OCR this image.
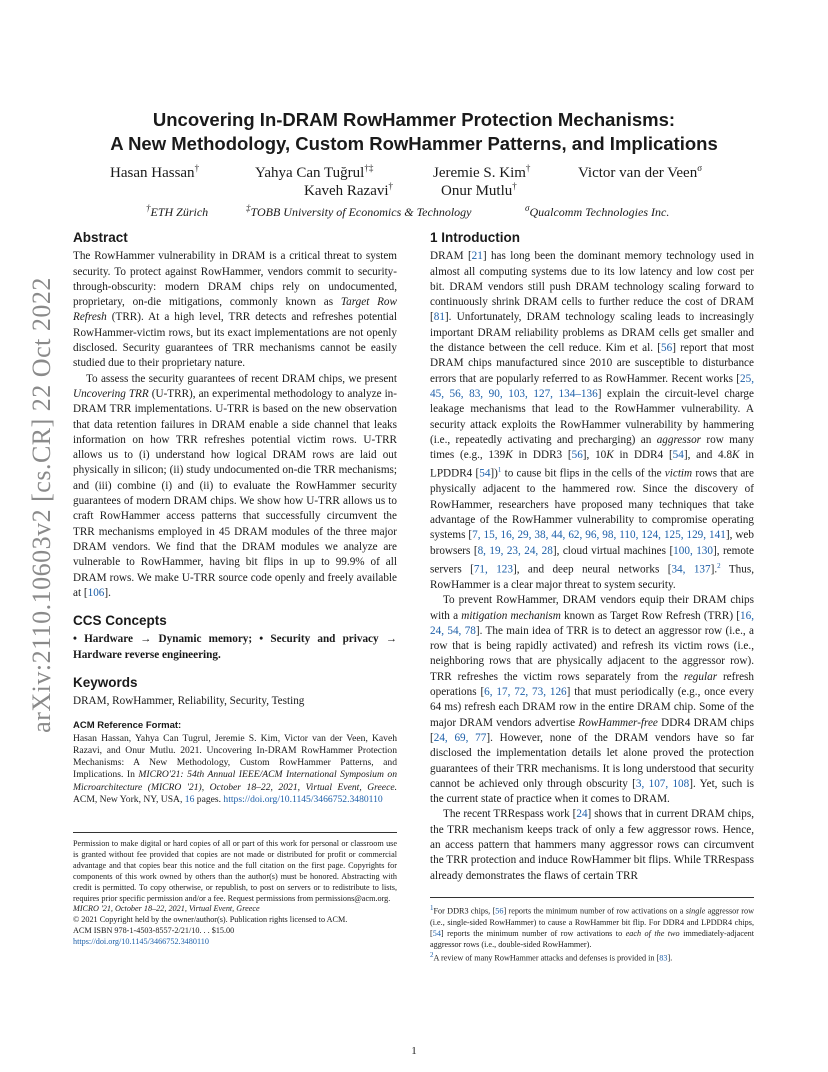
arXiv:2110.10603v2 [cs.CR] 22 Oct 2022
Uncovering In-DRAM RowHammer Protection Mechanisms:
A New Methodology, Custom RowHammer Patterns, and Implications
Hasan Hassan†	Yahya Can Tuğrul†‡	Jeremie S. Kim†	Victor van der Veen$^\sigma$
Kaveh Razavi†	Onur Mutlu†
†ETH Zürich	‡TOBB University of Economics & Technology	$^\sigma$Qualcomm Technologies Inc.
Abstract

The RowHammer vulnerability in DRAM is a critical threat to system security. To protect against RowHammer, vendors commit to security-through-obscurity: modern DRAM chips rely on undocumented, proprietary, on-die mitigations, commonly known as Target Row Refresh (TRR). At a high level, TRR detects and refreshes potential RowHammer-victim rows, but its exact implementations are not openly disclosed. Security guarantees of TRR mechanisms cannot be easily studied due to their proprietary nature.

To assess the security guarantees of recent DRAM chips, we present Uncovering TRR (U-TRR), an experimental methodology to analyze in-DRAM TRR implementations. U-TRR is based on the new observation that data retention failures in DRAM enable a side channel that leaks information on how TRR refreshes potential victim rows. U-TRR allows us to (i) understand how logical DRAM rows are laid out physically in silicon; (ii) study undocumented on-die TRR mechanisms; and (iii) combine (i) and (ii) to evaluate the RowHammer security guarantees of modern DRAM chips. We show how U-TRR allows us to craft RowHammer access patterns that successfully circumvent the TRR mechanisms employed in 45 DRAM modules of the three major DRAM vendors. We find that the DRAM modules we analyze are vulnerable to RowHammer, having bit flips in up to 99.9% of all DRAM rows. We make U-TRR source code openly and freely available at [106].

CCS Concepts

• Hardware → Dynamic memory; • Security and privacy → Hardware reverse engineering.

Keywords

DRAM, RowHammer, Reliability, Security, Testing

ACM Reference Format:

Hasan Hassan, Yahya Can Tugrul, Jeremie S. Kim, Victor van der Veen, Kaveh Razavi, and Onur Mutlu. 2021. Uncovering In-DRAM RowHammer Protection Mechanisms: A New Methodology, Custom RowHammer Patterns, and Implications. In MICRO'21: 54th Annual IEEE/ACM International Symposium on Microarchitecture (MICRO '21), October 18–22, 2021, Virtual Event, Greece. ACM, New York, NY, USA, 16 pages. https://doi.org/10.1145/3466752.3480110

Permission to make digital or hard copies of all or part of this work for personal or classroom use is granted without fee provided that copies are not made or distributed for profit or commercial advantage and that copies bear this notice and the full citation on the first page. Copyrights for components of this work owned by others than the author(s) must be honored. Abstracting with credit is permitted. To copy otherwise, or republish, to post on servers or to redistribute to lists, requires prior specific permission and/or a fee. Request permissions from permissions@acm.org.

MICRO '21, October 18–22, 2021, Virtual Event, Greece

© 2021 Copyright held by the owner/author(s). Publication rights licensed to ACM.

ACM ISBN 978-1-4503-8557-2/21/10. . . $15.00

https://doi.org/10.1145/3466752.3480110

1 Introduction

DRAM [21] has long been the dominant memory technology used in almost all computing systems due to its low latency and low cost per bit. DRAM vendors still push DRAM technology scaling forward to continuously shrink DRAM cells to further reduce the cost of DRAM [81]. Unfortunately, DRAM technology scaling leads to increasingly important DRAM reliability problems as DRAM cells get smaller and the distance between the cell reduce. Kim et al. [56] report that most DRAM chips manufactured since 2010 are susceptible to disturbance errors that are popularly referred to as RowHammer. Recent works [25, 45, 56, 83, 90, 103, 127, 134–136] explain the circuit-level charge leakage mechanisms that lead to the RowHammer vulnerability. A security attack exploits the RowHammer vulnerability by hammering (i.e., repeatedly activating and precharging) an aggressor row many times (e.g., 139K in DDR3 [56], 10K in DDR4 [54], and 4.8K in LPDDR4 [54])$^1$ to cause bit flips in the cells of the victim rows that are physically adjacent to the hammered row. Since the discovery of RowHammer, researchers have proposed many techniques that take advantage of the RowHammer vulnerability to compromise operating systems [7, 15, 16, 29, 38, 44, 62, 96, 98, 110, 124, 125, 129, 141], web browsers [8, 19, 23, 24, 28], cloud virtual machines [100, 130], remote servers [71, 123], and deep neural networks [34, 137].$^2$ Thus, RowHammer is a clear major threat to system security.

To prevent RowHammer, DRAM vendors equip their DRAM chips with a mitigation mechanism known as Target Row Refresh (TRR) [16, 24, 54, 78]. The main idea of TRR is to detect an aggressor row (i.e., a row that is being rapidly activated) and refresh its victim rows (i.e., neighboring rows that are physically adjacent to the aggressor row). TRR refreshes the victim rows separately from the regular refresh operations [6, 17, 72, 73, 126] that must periodically (e.g., once every 64 ms) refresh each DRAM row in the entire DRAM chip. Some of the major DRAM vendors advertise RowHammer-free DDR4 DRAM chips [24, 69, 77]. However, none of the DRAM vendors have so far disclosed the implementation details let alone proved the protection guarantees of their TRR mechanisms. It is long understood that security cannot be achieved only through obscurity [3, 107, 108]. Yet, such is the current state of practice when it comes to DRAM.

The recent TRRespass work [24] shows that in current DRAM chips, the TRR mechanism keeps track of only a few aggressor rows. Hence, an access pattern that hammers many aggressor rows can circumvent the TRR protection and induce RowHammer bit flips. While TRRespass already demonstrates the flaws of certain TRR

$^1$For DDR3 chips, [56] reports the minimum number of row activations on a single aggressor row (i.e., single-sided RowHammer) to cause a RowHammer bit flip. For DDR4 and LPDDR4 chips, [54] reports the minimum number of row activations to each of the two immediately-adjacent aggressor rows (i.e., double-sided RowHammer).

$^2$A review of many RowHammer attacks and defenses is provided in [83].

1
